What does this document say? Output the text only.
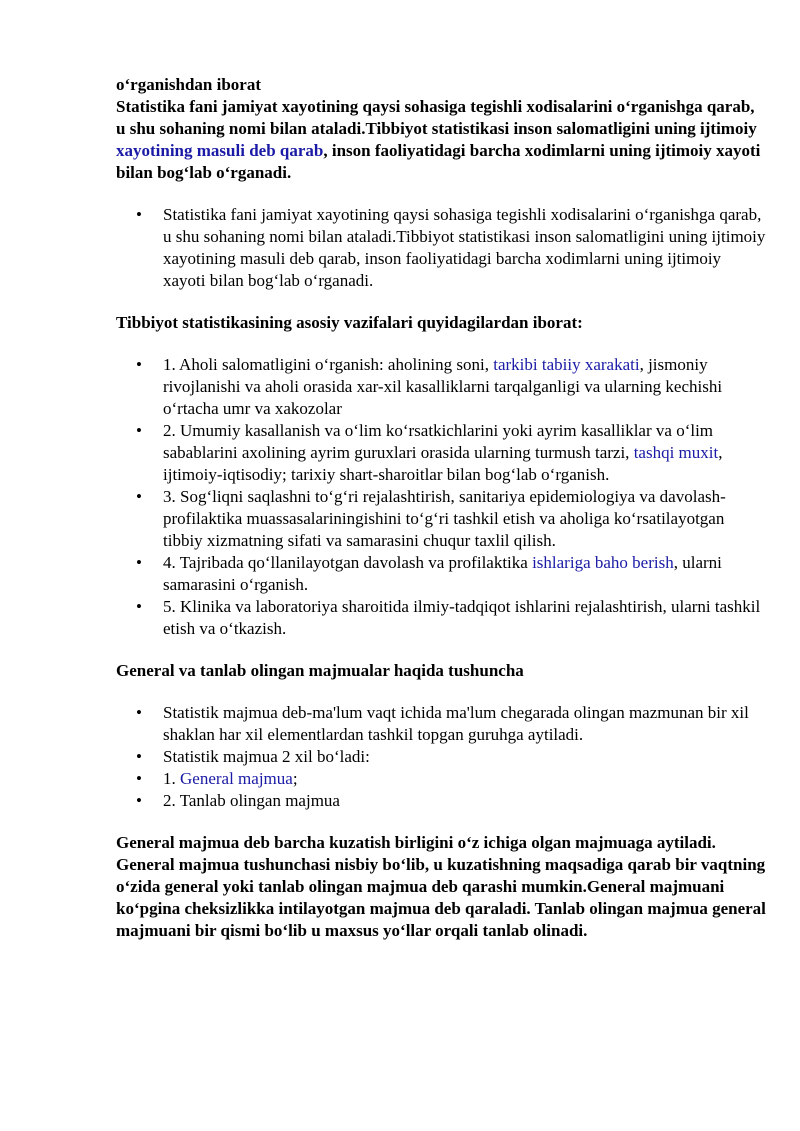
o‘rganishdan iborat

Statistika fani jamiyat xayotining qaysi sohasiga tegishli xodisalarini o‘rganishga qarab, u shu sohaning nomi bilan ataladi.Tibbiyot statistikasi inson salomatligini uning ijtimoiy xayotining masuli deb qarab, inson faoliyatidagi barcha xodimlarni uning ijtimoiy xayoti bilan bog‘lab o‘rganadi.

• Statistika fani jamiyat xayotining qaysi sohasiga tegishli xodisalarini o‘rganishga qarab, u shu sohaning nomi bilan ataladi.Tibbiyot statistikasi inson salomatligini uning ijtimoiy xayotining masuli deb qarab, inson faoliyatidagi barcha xodimlarni uning ijtimoiy xayoti bilan bog‘lab o‘rganadi.

Tibbiyot statistikasining asosiy vazifalari quyidagilardan iborat:

• 1. Aholi salomatligini o‘rganish: aholining soni, tarkibi tabiiy xarakati, jismoniy rivojlanishi va aholi orasida xar-xil kasalliklarni tarqalganligi va ularning kechishi o‘rtacha umr va xakozolar
• 2. Umumiy kasallanish va o‘lim ko‘rsatkichlarini yoki ayrim kasalliklar va o‘lim sabablarini axolining ayrim guruxlari orasida ularning turmush tarzi, tashqi muxit, ijtimoiy-iqtisodiy; tarixiy shart-sharoitlar bilan bog‘lab o‘rganish.
• 3. Sog‘liqni saqlashni to‘g‘ri rejalashtirish, sanitariya epidemiologiya va davolash-profilaktika muassasalariningishini to‘g‘ri tashkil etish va aholiga ko‘rsatilayotgan tibbiy xizmatning sifati va samarasini chuqur taxlil qilish.
• 4. Tajribada qo‘llanilayotgan davolash va profilaktika ishlariga baho berish, ularni samarasini o‘rganish.
• 5. Klinika va laboratoriya sharoitida ilmiy-tadqiqot ishlarini rejalashtirish, ularni tashkil etish va o‘tkazish.

General va tanlab olingan majmualar haqida tushuncha

• Statistik majmua deb-ma'lum vaqt ichida ma'lum chegarada olingan mazmunan bir xil shaklan har xil elementlardan tashkil topgan guruhga aytiladi.
• Statistik majmua 2 xil bo‘ladi:
• 1. General majmua;
• 2. Tanlab olingan majmua

General majmua deb barcha kuzatish birligini o‘z ichiga olgan majmuaga aytiladi. General majmua tushunchasi nisbiy bo‘lib, u kuzatishning maqsadiga qarab bir vaqtning o‘zida general yoki tanlab olingan majmua deb qarashi mumkin.General majmuani ko‘pgina cheksizlikka intilayotgan majmua deb qaraladi. Tanlab olingan majmua general majmuani bir qismi bo‘lib u maxsus yo‘llar orqali tanlab olinadi.
